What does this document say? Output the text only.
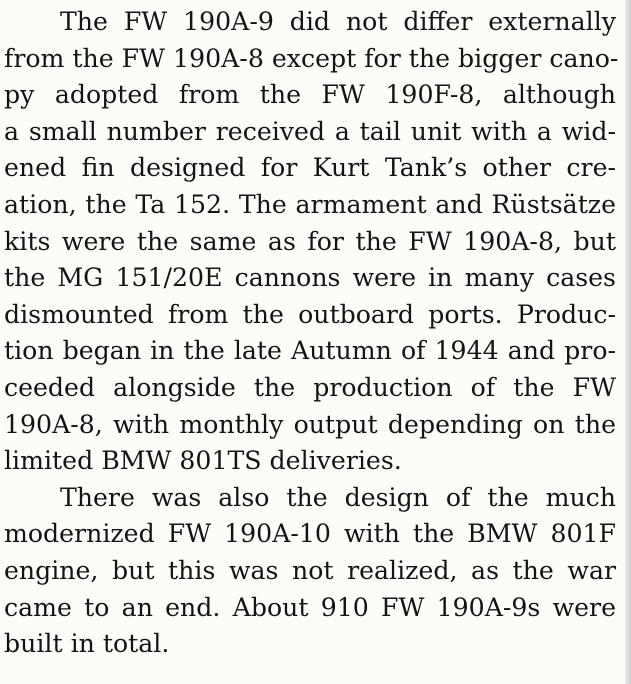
The FW 190A-9 did not differ externally
from the FW 190A-8 except for the bigger cano-
py adopted from the FW 190F-8, although
a small number received a tail unit with a wid-
ened fin designed for Kurt Tank’s other cre-
ation, the Ta 152. The armament and Rüstsätze
kits were the same as for the FW 190A-8, but
the MG 151/20E cannons were in many cases
dismounted from the outboard ports. Produc-
tion began in the late Autumn of 1944 and pro-
ceeded alongside the production of the FW
190A-8, with monthly output depending on the
limited BMW 801TS deliveries.
There was also the design of the much
modernized FW 190A-10 with the BMW 801F
engine, but this was not realized, as the war
came to an end. About 910 FW 190A-9s were
built in total.
